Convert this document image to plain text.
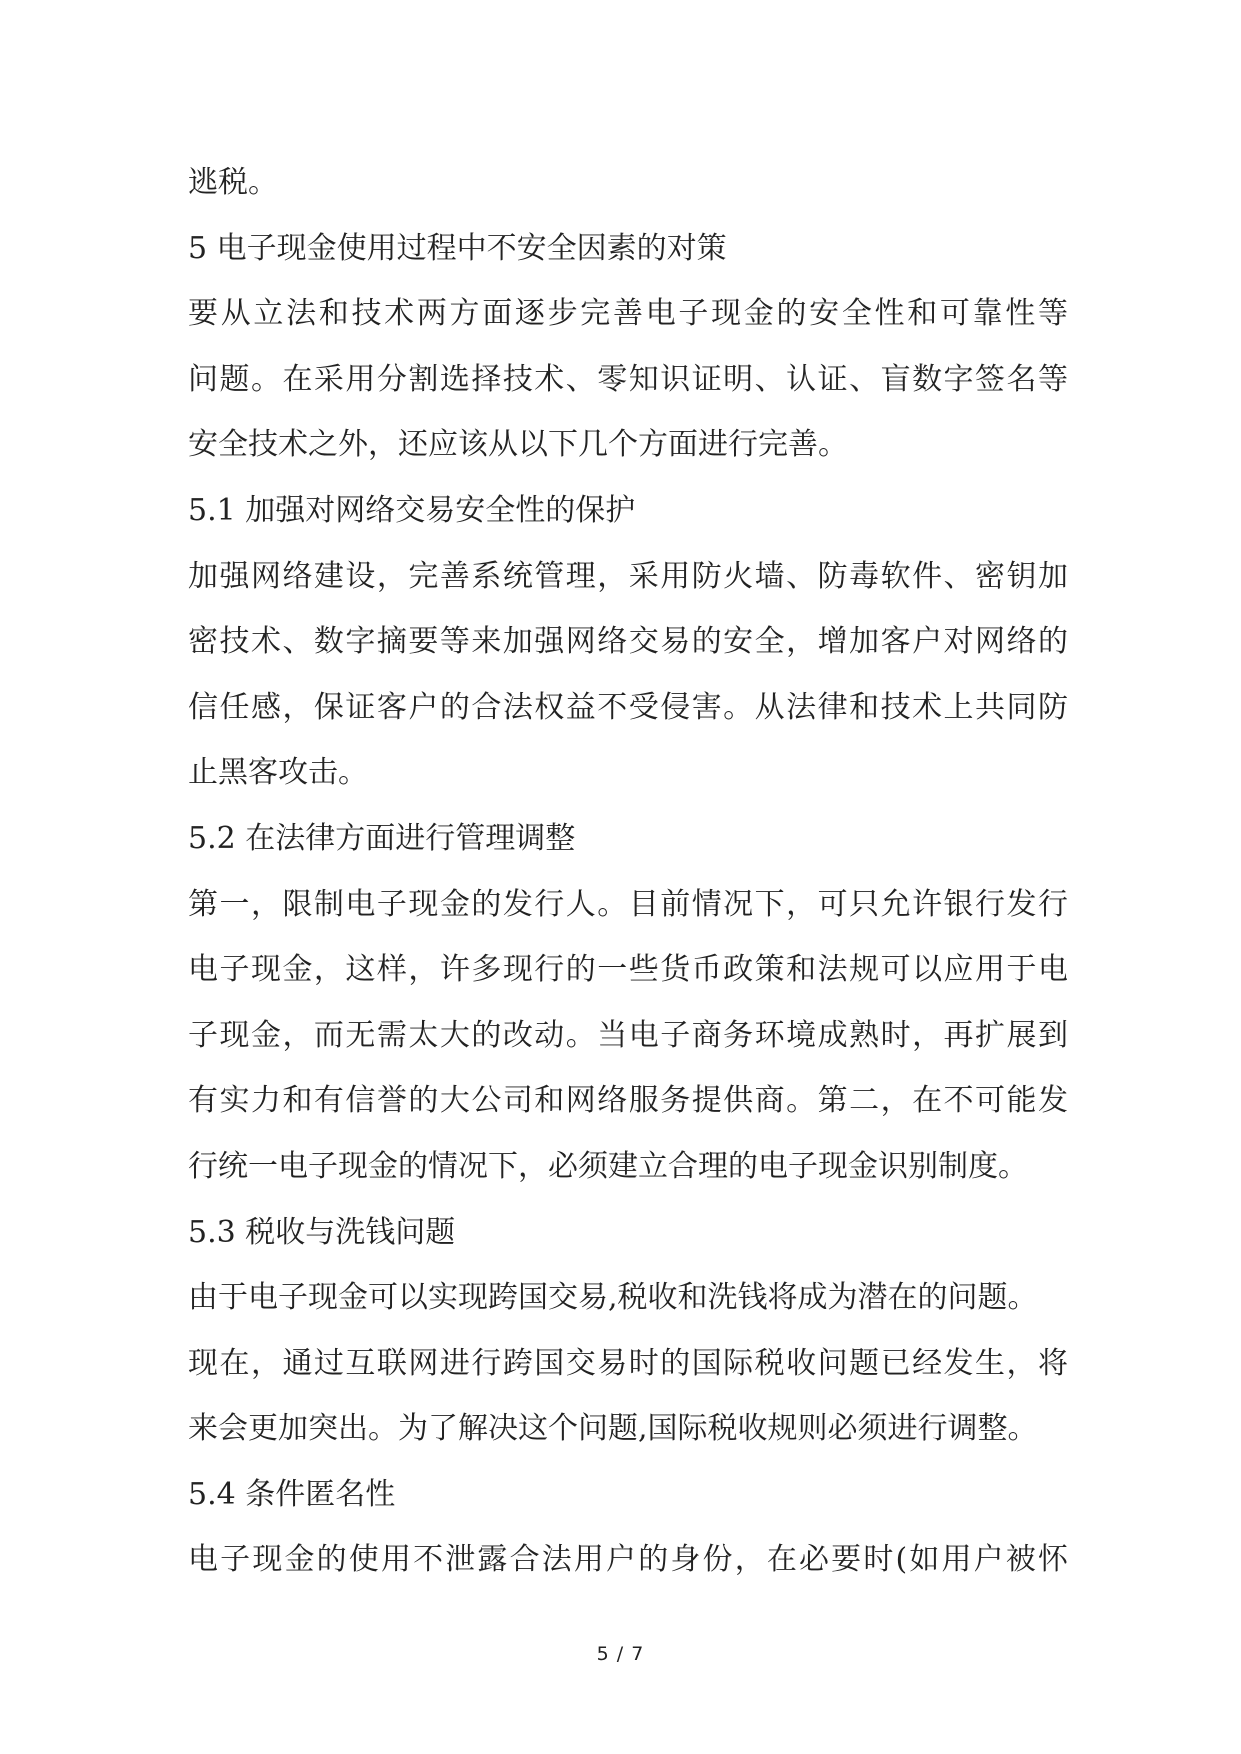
逃税。
5 电子现金使用过程中不安全因素的对策
要从立法和技术两方面逐步完善电子现金的安全性和可靠性等
问题。在采用分割选择技术、零知识证明、认证、盲数字签名等
安全技术之外，还应该从以下几个方面进行完善。
5.1 加强对网络交易安全性的保护
加强网络建设，完善系统管理，采用防火墙、防毒软件、密钥加
密技术、数字摘要等来加强网络交易的安全，增加客户对网络的
信任感，保证客户的合法权益不受侵害。从法律和技术上共同防
止黑客攻击。
5.2 在法律方面进行管理调整
第一，限制电子现金的发行人。目前情况下，可只允许银行发行
电子现金，这样，许多现行的一些货币政策和法规可以应用于电
子现金，而无需太大的改动。当电子商务环境成熟时，再扩展到
有实力和有信誉的大公司和网络服务提供商。第二，在不可能发
行统一电子现金的情况下，必须建立合理的电子现金识别制度。
5.3 税收与洗钱问题
由于电子现金可以实现跨国交易,税收和洗钱将成为潜在的问题。
现在，通过互联网进行跨国交易时的国际税收问题已经发生，将
来会更加突出。为了解决这个问题,国际税收规则必须进行调整。
5.4 条件匿名性
电子现金的使用不泄露合法用户的身份，在必要时(如用户被怀
5 / 7
